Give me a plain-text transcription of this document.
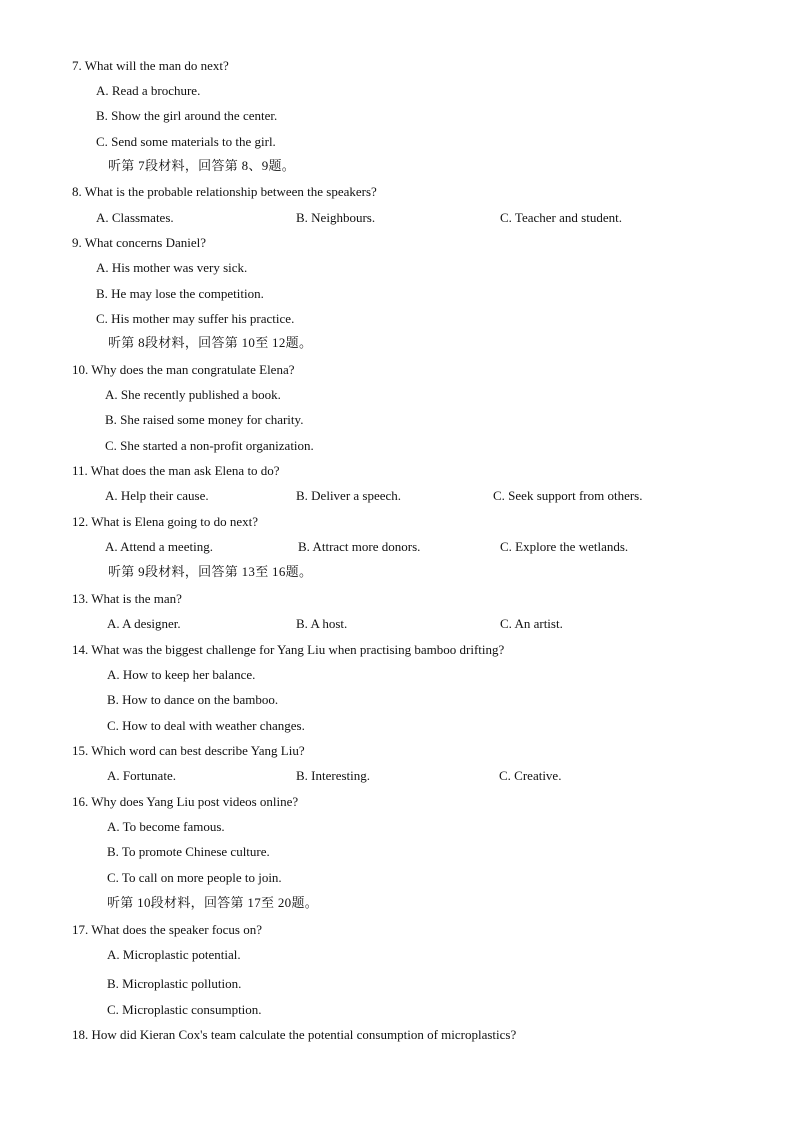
7. What will the man do next?
A. Read a brochure.
B. Show the girl around the center.
C. Send some materials to the girl.
听第 7段材料，回答第 8、9题。
8. What is the probable relationship between the speakers?
A. Classmates.	B. Neighbours.	C. Teacher and student.
9. What concerns Daniel?
A. His mother was very sick.
B. He may lose the competition.
C. His mother may suffer his practice.
听第 8段材料，回答第 10至 12题。
10. Why does the man congratulate Elena?
A. She recently published a book.
B. She raised some money for charity.
C. She started a non-profit organization.
11. What does the man ask Elena to do?
A. Help their cause.	B. Deliver a speech.	C. Seek support from others.
12. What is Elena going to do next?
A. Attend a meeting.	B. Attract more donors.	C. Explore the wetlands.
听第 9段材料，回答第 13至 16题。
13. What is the man?
A. A designer.	B. A host.	C. An artist.
14. What was the biggest challenge for Yang Liu when practising bamboo drifting?
A. How to keep her balance.
B. How to dance on the bamboo.
C. How to deal with weather changes.
15. Which word can best describe Yang Liu?
A. Fortunate.	B. Interesting.	C. Creative.
16. Why does Yang Liu post videos online?
A. To become famous.
B. To promote Chinese culture.
C. To call on more people to join.
听第 10段材料，回答第 17至 20题。
17. What does the speaker focus on?
A. Microplastic potential.
B. Microplastic pollution.
C. Microplastic consumption.
18. How did Kieran Cox's team calculate the potential consumption of microplastics?
